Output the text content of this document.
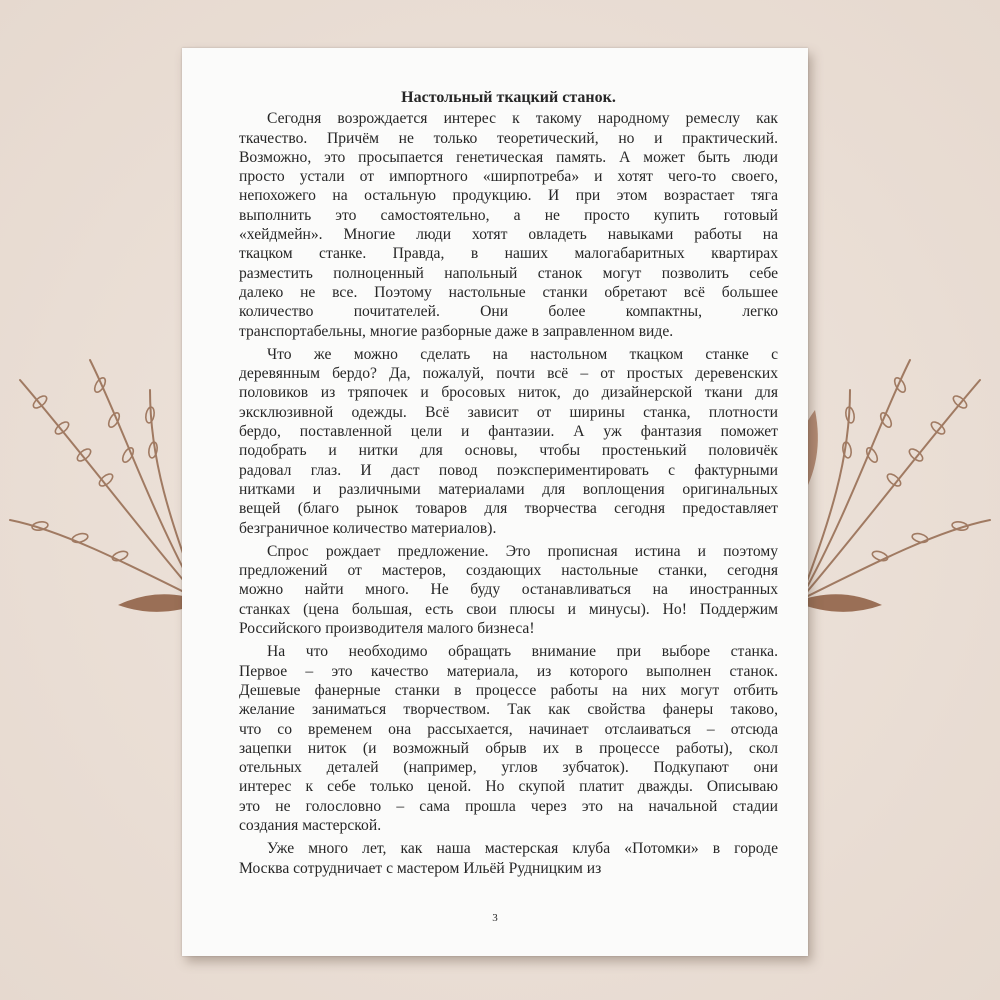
Настольный ткацкий станок.
Сегодня возрождается интерес к такому народному ремеслу как
ткачество. Причём не только теоретический, но и практический.
Возможно, это просыпается генетическая память. А может быть люди
просто устали от импортного «ширпотреба» и хотят чего-то своего,
непохожего на остальную продукцию. И при этом возрастает тяга
выполнить это самостоятельно, а не просто купить готовый
«хейдмейн». Многие люди хотят овладеть навыками работы на
ткацком станке. Правда, в наших малогабаритных квартирах
разместить полноценный напольный станок могут позволить себе
далеко не все. Поэтому настольные станки обретают всё большее
количество почитателей. Они более компактны, легко
транспортабельны, многие разборные даже в заправленном виде.
Что же можно сделать на настольном ткацком станке с
деревянным бердо? Да, пожалуй, почти всё – от простых деревенских
половиков из тряпочек и бросовых ниток, до дизайнерской ткани для
эксклюзивной одежды. Всё зависит от ширины станка, плотности
бердо, поставленной цели и фантазии. А уж фантазия поможет
подобрать и нитки для основы, чтобы простенький половичёк
радовал глаз. И даст повод поэкспериментировать с фактурными
нитками и различными материалами для воплощения оригинальных
вещей (благо рынок товаров для творчества сегодня предоставляет
безграничное количество материалов).
Спрос рождает предложение. Это прописная истина и поэтому
предложений от мастеров, создающих настольные станки, сегодня
можно найти много. Не буду останавливаться на иностранных
станках (цена большая, есть свои плюсы и минусы). Но! Поддержим
Российского производителя малого бизнеса!
На что необходимо обращать внимание при выборе станка.
Первое – это качество материала, из которого выполнен станок.
Дешевые фанерные станки в процессе работы на них могут отбить
желание заниматься творчеством. Так как свойства фанеры таково,
что со временем она рассыхается, начинает отслаиваться – отсюда
зацепки ниток (и возможный обрыв их в процессе работы), скол
отельных деталей (например, углов зубчаток). Подкупают они
интерес к себе только ценой. Но скупой платит дважды. Описываю
это не голословно – сама прошла через это на начальной стадии
создания мастерской.
Уже много лет, как наша мастерская клуба «Потомки» в городе
Москва сотрудничает с мастером Ильёй Рудницким из
3
